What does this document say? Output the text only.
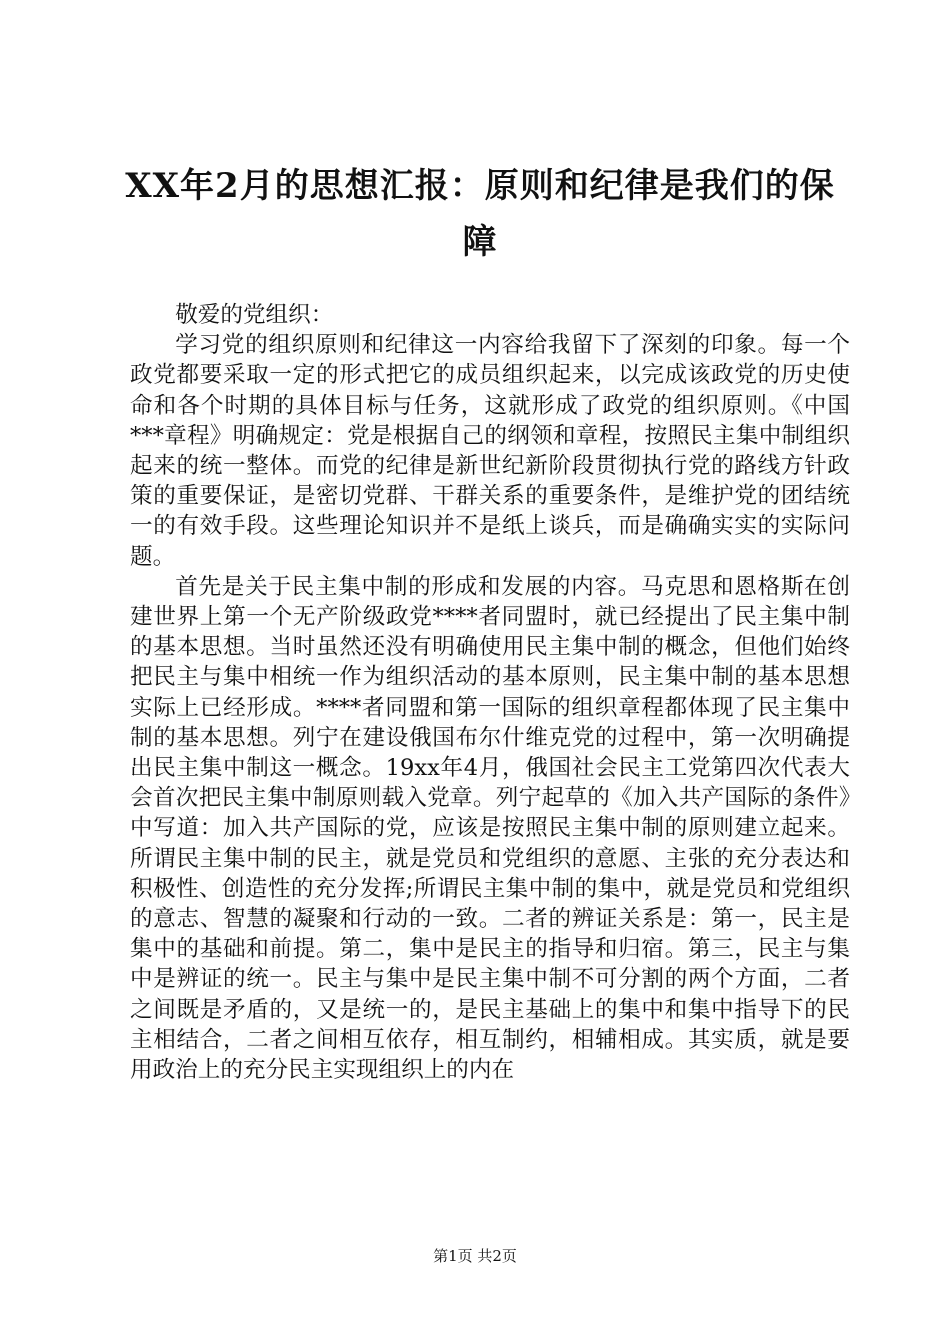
XX年2月的思想汇报：原则和纪律是我们的保障

敬爱的党组织：

学习党的组织原则和纪律这一内容给我留下了深刻的印象。每一个政党都要采取一定的形式把它的成员组织起来，以完成该政党的历史使命和各个时期的具体目标与任务，这就形成了政党的组织原则。《中国***章程》明确规定：党是根据自己的纲领和章程，按照民主集中制组织起来的统一整体。而党的纪律是新世纪新阶段贯彻执行党的路线方针政策的重要保证，是密切党群、干群关系的重要条件，是维护党的团结统一的有效手段。这些理论知识并不是纸上谈兵，而是确确实实的实际问题。

首先是关于民主集中制的形成和发展的内容。马克思和恩格斯在创建世界上第一个无产阶级政党****者同盟时，就已经提出了民主集中制的基本思想。当时虽然还没有明确使用民主集中制的概念，但他们始终把民主与集中相统一作为组织活动的基本原则，民主集中制的基本思想实际上已经形成。****者同盟和第一国际的组织章程都体现了民主集中制的基本思想。列宁在建设俄国布尔什维克党的过程中，第一次明确提出民主集中制这一概念。19xx年4月，俄国社会民主工党第四次代表大会首次把民主集中制原则载入党章。列宁起草的《加入共产国际的条件》中写道：加入共产国际的党，应该是按照民主集中制的原则建立起来。所谓民主集中制的民主，就是党员和党组织的意愿、主张的充分表达和积极性、创造性的充分发挥;所谓民主集中制的集中，就是党员和党组织的意志、智慧的凝聚和行动的一致。二者的辨证关系是：第一，民主是集中的基础和前提。第二，集中是民主的指导和归宿。第三，民主与集中是辨证的统一。民主与集中是民主集中制不可分割的两个方面，二者之间既是矛盾的，又是统一的，是民主基础上的集中和集中指导下的民主相结合，二者之间相互依存，相互制约，相辅相成。其实质，就是要用政治上的充分民主实现组织上的内在

第1页 共2页
